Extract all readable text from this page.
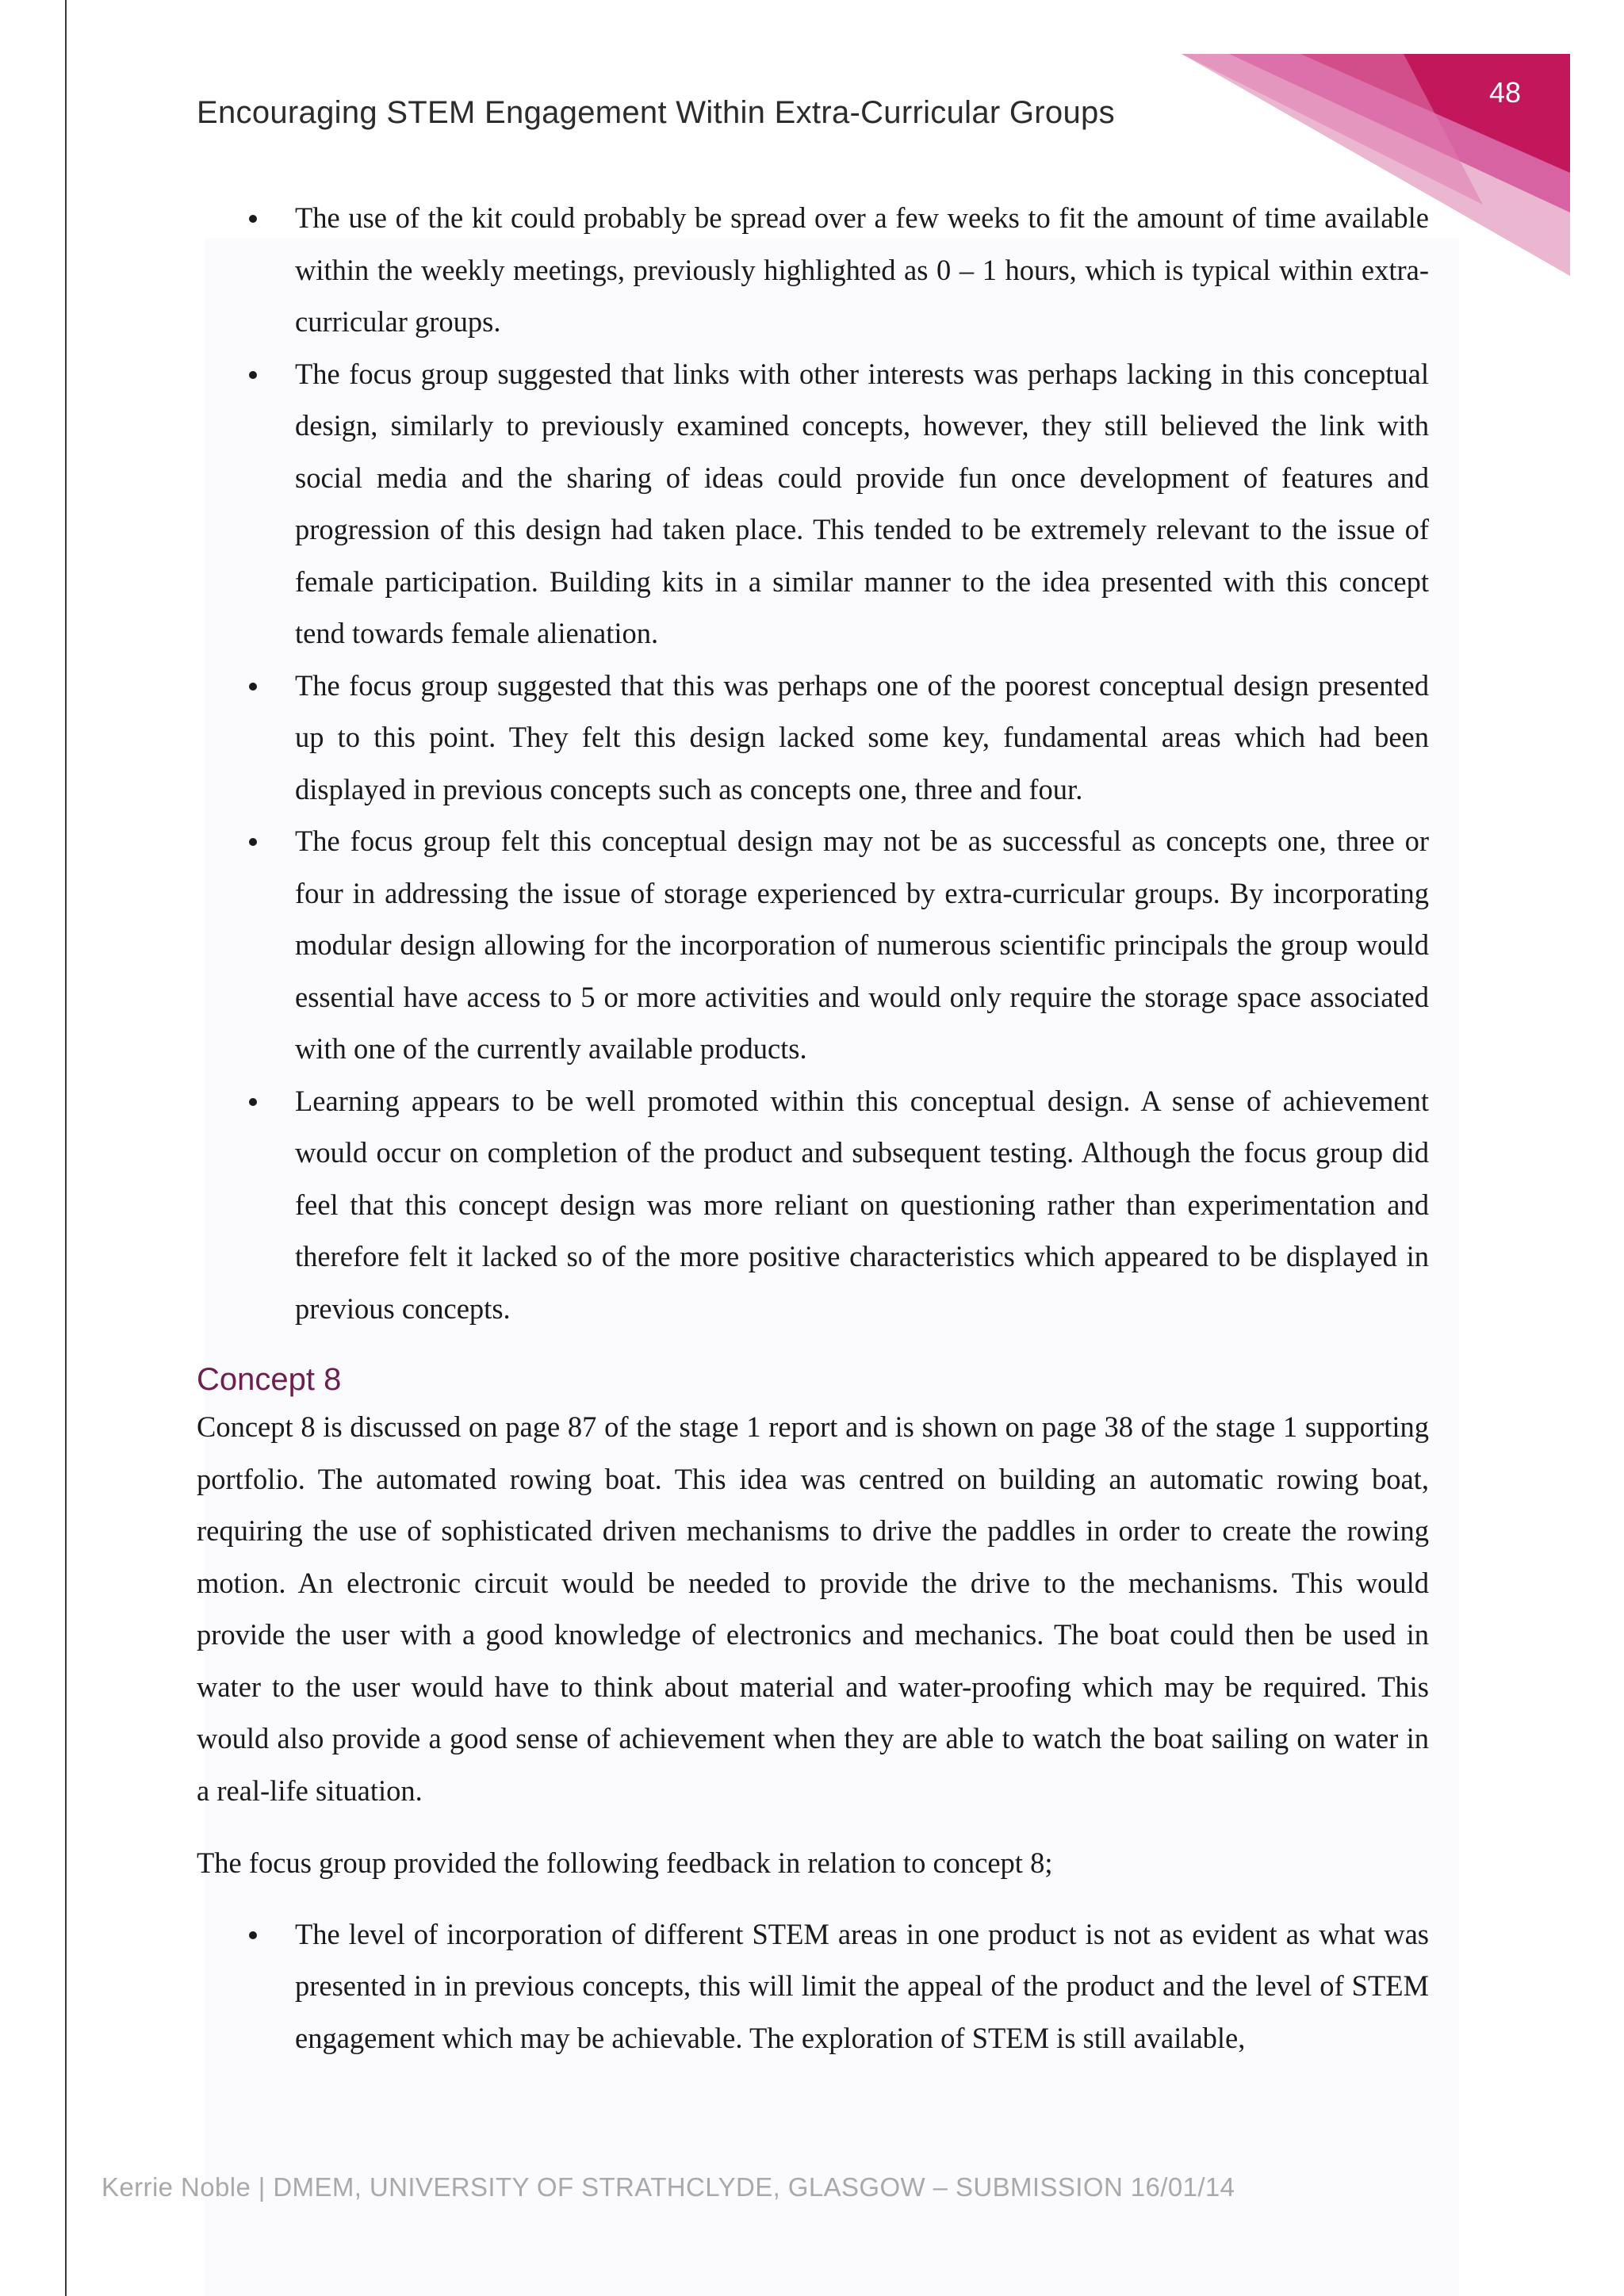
48
Encouraging STEM Engagement Within Extra-Curricular Groups
The use of the kit could probably be spread over a few weeks to fit the amount of time available within the weekly meetings, previously highlighted as 0 – 1 hours, which is typical within extra-curricular groups.
The focus group suggested that links with other interests was perhaps lacking in this conceptual design, similarly to previously examined concepts, however, they still believed the link with social media and the sharing of ideas could provide fun once development of features and progression of this design had taken place. This tended to be extremely relevant to the issue of female participation. Building kits in a similar manner to the idea presented with this concept tend towards female alienation.
The focus group suggested that this was perhaps one of the poorest conceptual design presented up to this point. They felt this design lacked some key, fundamental areas which had been displayed in previous concepts such as concepts one, three and four.
The focus group felt this conceptual design may not be as successful as concepts one, three or four in addressing the issue of storage experienced by extra-curricular groups. By incorporating modular design allowing for the incorporation of numerous scientific principals the group would essential have access to 5 or more activities and would only require the storage space associated with one of the currently available products.
Learning appears to be well promoted within this conceptual design. A sense of achievement would occur on completion of the product and subsequent testing. Although the focus group did feel that this concept design was more reliant on questioning rather than experimentation and therefore felt it lacked so of the more positive characteristics which appeared to be displayed in previous concepts.
Concept 8

Concept 8 is discussed on page 87 of the stage 1 report and is shown on page 38 of the stage 1 supporting portfolio. The automated rowing boat. This idea was centred on building an automatic rowing boat, requiring the use of sophisticated driven mechanisms to drive the paddles in order to create the rowing motion. An electronic circuit would be needed to provide the drive to the mechanisms. This would provide the user with a good knowledge of electronics and mechanics. The boat could then be used in water to the user would have to think about material and water-proofing which may be required. This would also provide a good sense of achievement when they are able to watch the boat sailing on water in a real-life situation.

The focus group provided the following feedback in relation to concept 8;

The level of incorporation of different STEM areas in one product is not as evident as what was presented in in previous concepts, this will limit the appeal of the product and the level of STEM engagement which may be achievable. The exploration of STEM is still available,
Kerrie Noble | DMEM, UNIVERSITY OF STRATHCLYDE, GLASGOW – SUBMISSION 16/01/14
